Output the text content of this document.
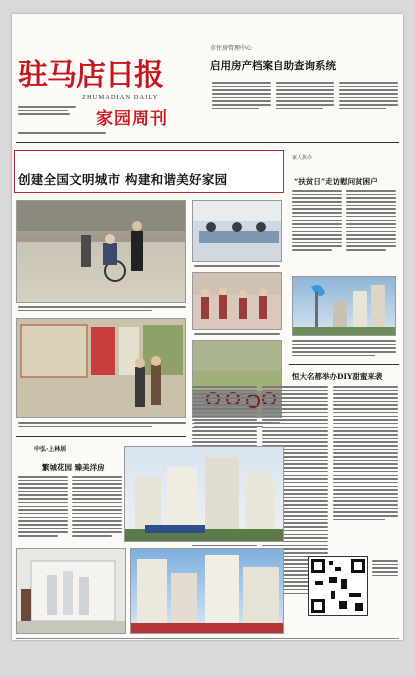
驻马店日报
ZHUMADIAN DAILY
家园周刊
市住房管理中心
启用房产档案自助查询系统
创建全国文明城市 构建和谐美好家园
家人执办
“扶贫日”走访慰问贫困户
恒大名都举办DIY甜蜜来袭
中弘·上林居
繁城花园 臻美洋房
